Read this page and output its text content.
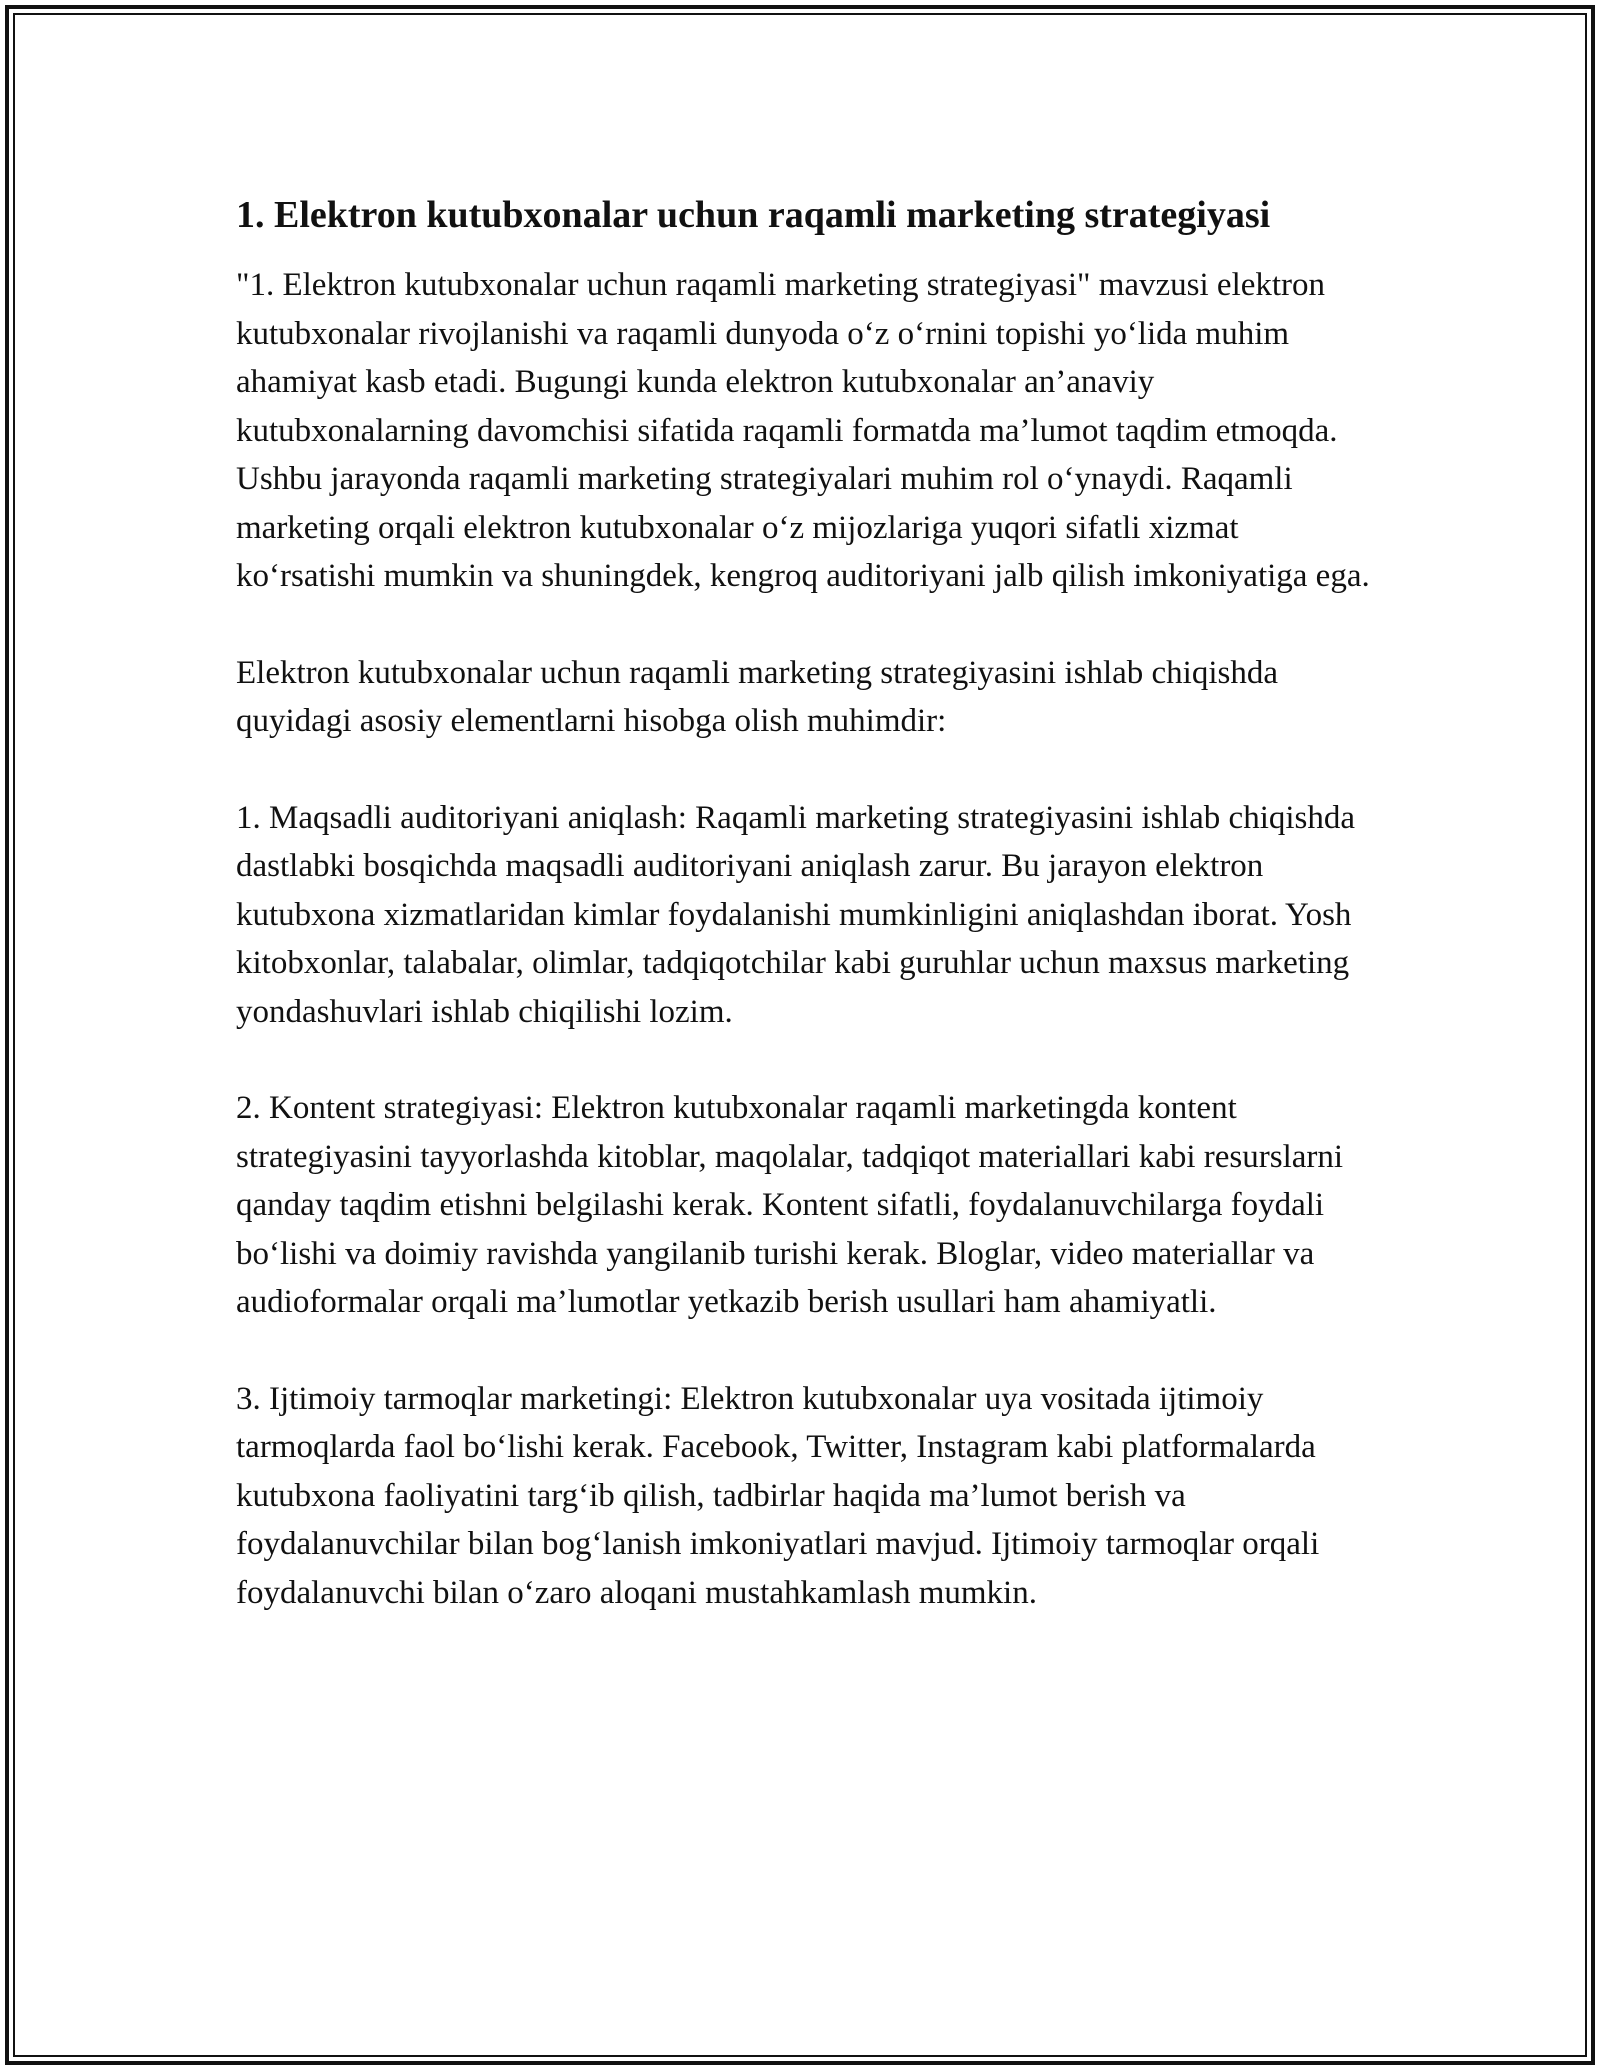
1. Elektron kutubxonalar uchun raqamli marketing strategiyasi

"1. Elektron kutubxonalar uchun raqamli marketing strategiyasi" mavzusi elektron kutubxonalar rivojlanishi va raqamli dunyoda o‘z o‘rnini topishi yo‘lida muhim ahamiyat kasb etadi. Bugungi kunda elektron kutubxonalar an’anaviy kutubxonalarning davomchisi sifatida raqamli formatda ma’lumot taqdim etmoqda. Ushbu jarayonda raqamli marketing strategiyalari muhim rol o‘ynaydi. Raqamli marketing orqali elektron kutubxonalar o‘z mijozlariga yuqori sifatli xizmat ko‘rsatishi mumkin va shuningdek, kengroq auditoriyani jalb qilish imkoniyatiga ega.

Elektron kutubxonalar uchun raqamli marketing strategiyasini ishlab chiqishda quyidagi asosiy elementlarni hisobga olish muhimdir:

1. Maqsadli auditoriyani aniqlash: Raqamli marketing strategiyasini ishlab chiqishda dastlabki bosqichda maqsadli auditoriyani aniqlash zarur. Bu jarayon elektron kutubxona xizmatlaridan kimlar foydalanishi mumkinligini aniqlashdan iborat. Yosh kitobxonlar, talabalar, olimlar, tadqiqotchilar kabi guruhlar uchun maxsus marketing yondashuvlari ishlab chiqilishi lozim.

2. Kontent strategiyasi: Elektron kutubxonalar raqamli marketingda kontent strategiyasini tayyorlashda kitoblar, maqolalar, tadqiqot materiallari kabi resurslarni qanday taqdim etishni belgilashi kerak. Kontent sifatli, foydalanuvchilarga foydali bo‘lishi va doimiy ravishda yangilanib turishi kerak. Bloglar, video materiallar va audioformalar orqali ma’lumotlar yetkazib berish usullari ham ahamiyatli.

3. Ijtimoiy tarmoqlar marketingi: Elektron kutubxonalar uya vositada ijtimoiy tarmoqlarda faol bo‘lishi kerak. Facebook, Twitter, Instagram kabi platformalarda kutubxona faoliyatini targ‘ib qilish, tadbirlar haqida ma’lumot berish va foydalanuvchilar bilan bog‘lanish imkoniyatlari mavjud. Ijtimoiy tarmoqlar orqali foydalanuvchi bilan o‘zaro aloqani mustahkamlash mumkin.
